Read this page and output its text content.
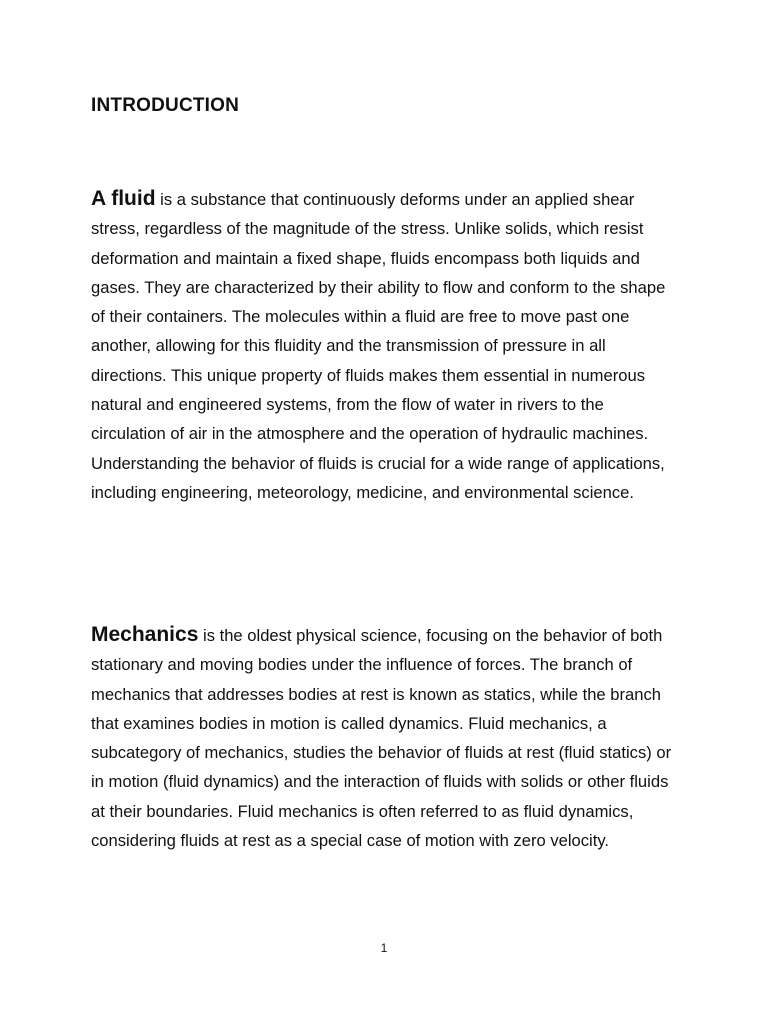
INTRODUCTION

A fluid is a substance that continuously deforms under an applied shear stress, regardless of the magnitude of the stress. Unlike solids, which resist deformation and maintain a fixed shape, fluids encompass both liquids and gases. They are characterized by their ability to flow and conform to the shape of their containers. The molecules within a fluid are free to move past one another, allowing for this fluidity and the transmission of pressure in all directions. This unique property of fluids makes them essential in numerous natural and engineered systems, from the flow of water in rivers to the circulation of air in the atmosphere and the operation of hydraulic machines. Understanding the behavior of fluids is crucial for a wide range of applications, including engineering, meteorology, medicine, and environmental science.

Mechanics is the oldest physical science, focusing on the behavior of both stationary and moving bodies under the influence of forces. The branch of mechanics that addresses bodies at rest is known as statics, while the branch that examines bodies in motion is called dynamics. Fluid mechanics, a subcategory of mechanics, studies the behavior of fluids at rest (fluid statics) or in motion (fluid dynamics) and the interaction of fluids with solids or other fluids at their boundaries. Fluid mechanics is often referred to as fluid dynamics, considering fluids at rest as a special case of motion with zero velocity.

1
